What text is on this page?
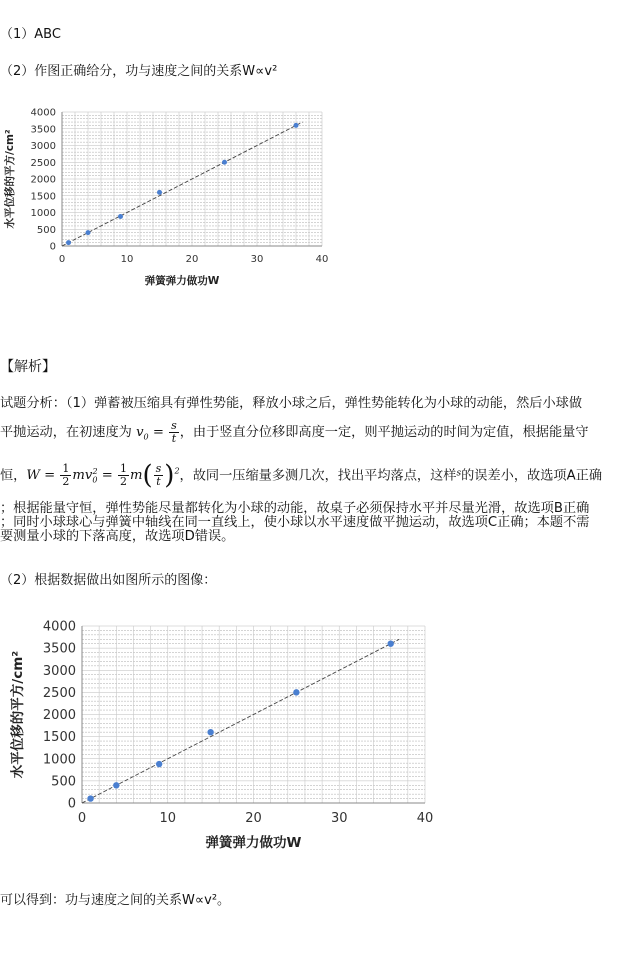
（1）ABC
（2）作图正确给分，功与速度之间的关系W∝v²
0
500
1000
1500
2000
2500
3000
3500
4000
0	10	20	30	40
弹簧弹力做功W
水平位移的平方/cm²
【解析】
试题分析：（1）弹蓄被压缩具有弹性势能，释放小球之后，弹性势能转化为小球的动能，然后小球做
平抛运动，在初速度为 $v_0 = \frac{s}{t}$ ，由于竖直分位移即高度一定，则平抛运动的时间为定值，根据能量守
恒，$W = \frac{1}{2} mv_0^2 = \frac{1}{2} m( \frac{s}{t} )^2$，故同一压缩量多测几次，找出平均落点，这样$^s$的误差小，故选项A正确
；根据能量守恒，弹性势能尽量都转化为小球的动能，故桌子必须保持水平并尽量光滑，故选项B正确
；同时小球球心与弹簧中轴线在同一直线上，使小球以水平速度做平抛运动，故选项C正确；本题不需
要测量小球的下落高度，故选项D错误。
（2）根据数据做出如图所示的图像：
0
500
1000
1500
2000
2500
3000
3500
4000
0	10	20	30	40
弹簧弹力做功W
水平位移的平方/cm²
可以得到：功与速度之间的关系W∝v²。
